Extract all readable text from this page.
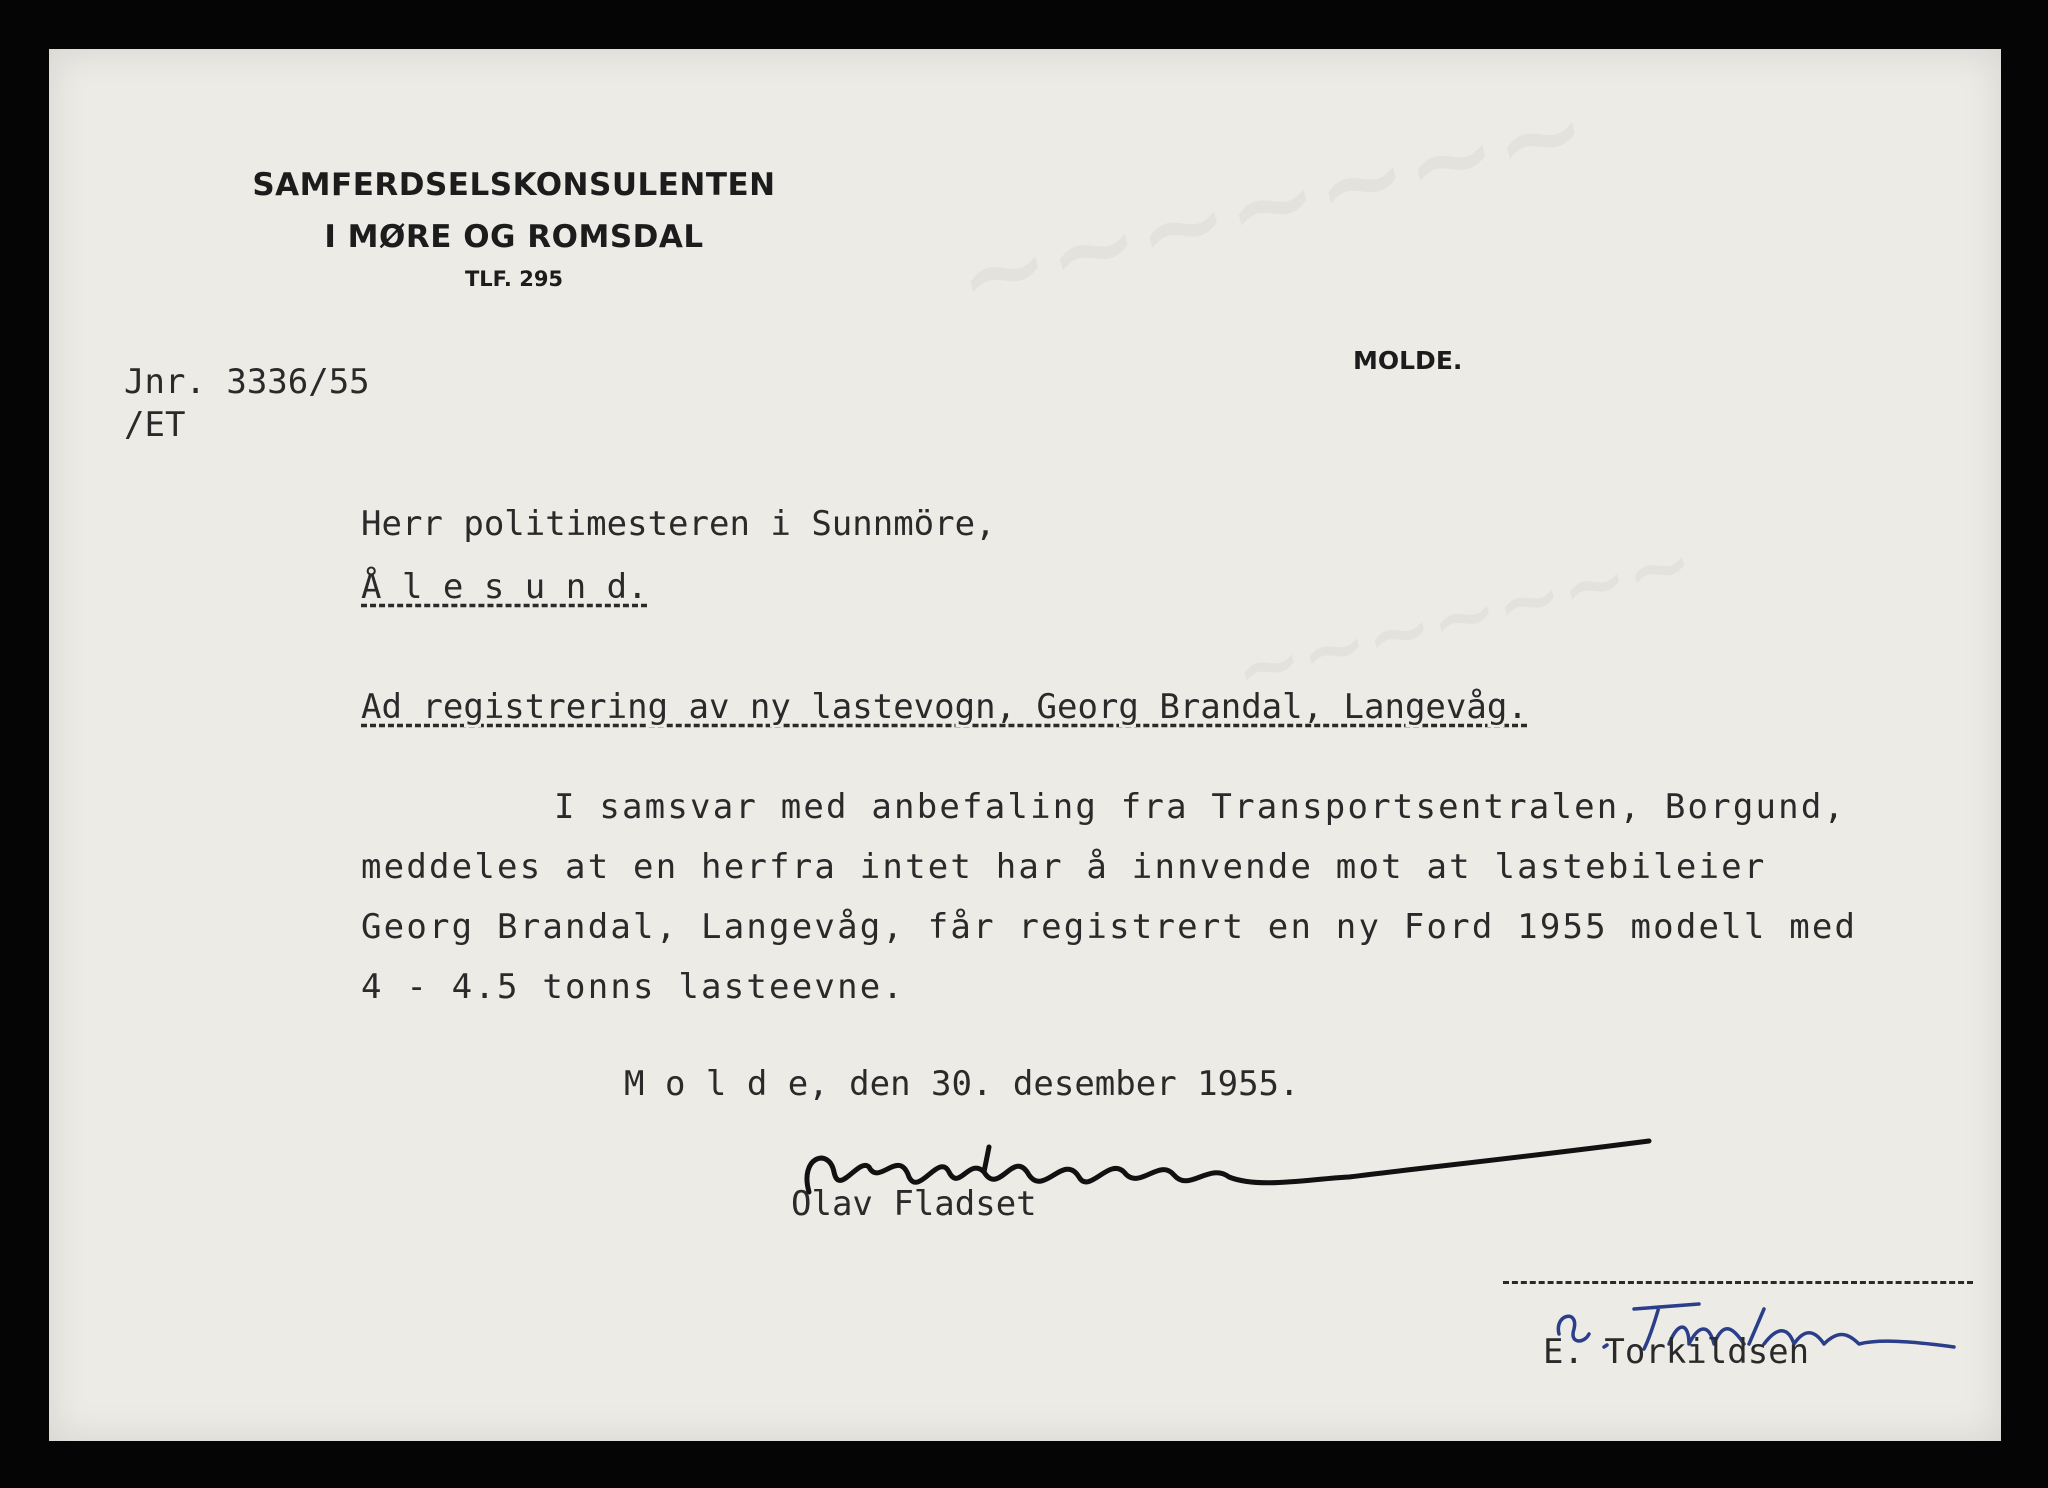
~~~~~~~
~~~~~~~
SAMFERDSELSKONSULENTEN
I MØRE OG ROMSDAL
TLF. 295
MOLDE.
Jnr. 3336/55
/ET
Herr politimesteren i Sunnmöre,
Å l e s u n d.
Ad registrering av ny lastevogn, Georg Brandal, Langevåg.
I samsvar med anbefaling fra Transportsentralen, Borgund,
meddeles at en herfra intet har å innvende mot at lastebileier
Georg Brandal, Langevåg, får registrert en ny Ford 1955 modell med
4 - 4.5 tonns lasteevne.
M o l d e, den 30. desember 1955.
Olav Fladset
E. Torkildsen
